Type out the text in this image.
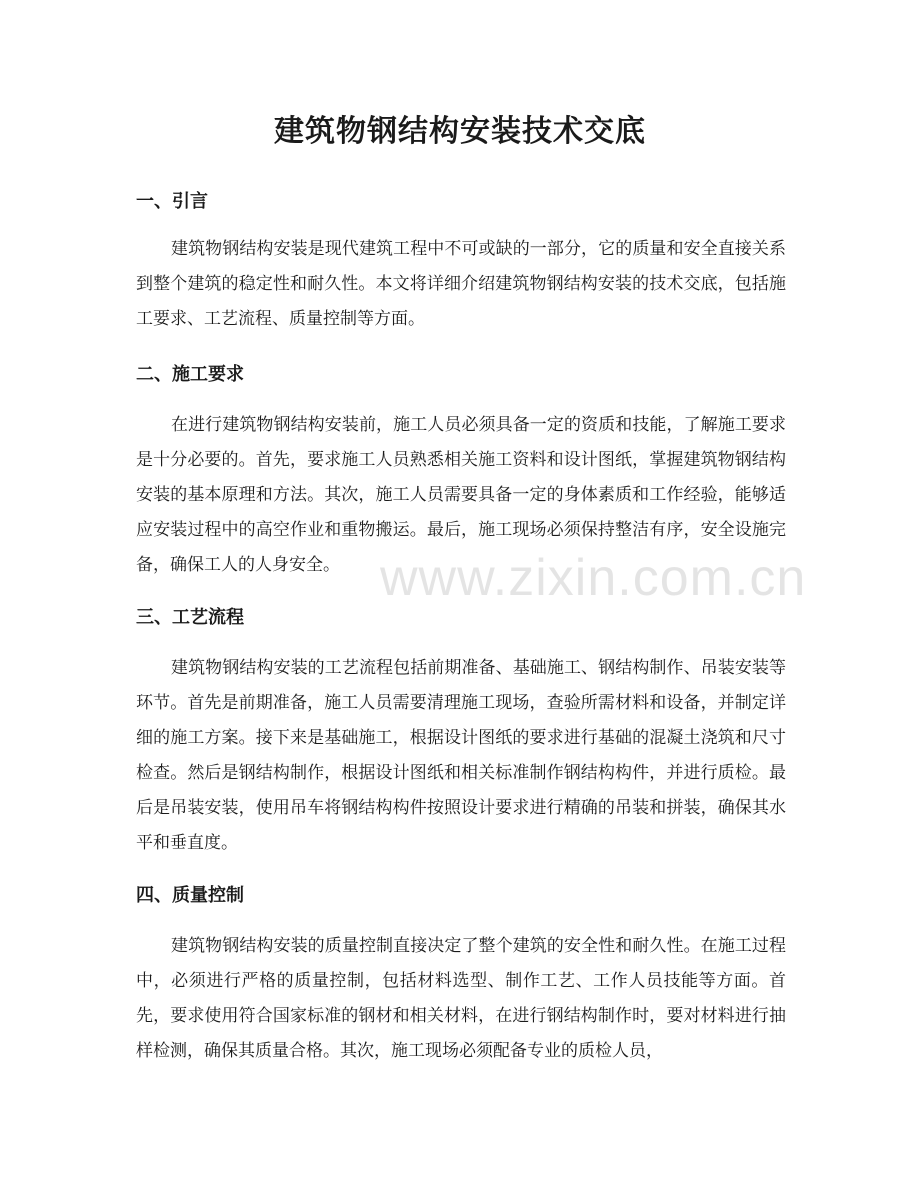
建筑物钢结构安装技术交底
一、引言

建筑物钢结构安装是现代建筑工程中不可或缺的一部分，它的质量和安全直接关系到整个建筑的稳定性和耐久性。本文将详细介绍建筑物钢结构安装的技术交底，包括施工要求、工艺流程、质量控制等方面。

二、施工要求

在进行建筑物钢结构安装前，施工人员必须具备一定的资质和技能，了解施工要求是十分必要的。首先，要求施工人员熟悉相关施工资料和设计图纸，掌握建筑物钢结构安装的基本原理和方法。其次，施工人员需要具备一定的身体素质和工作经验，能够适应安装过程中的高空作业和重物搬运。最后，施工现场必须保持整洁有序，安全设施完备，确保工人的人身安全。

三、工艺流程

建筑物钢结构安装的工艺流程包括前期准备、基础施工、钢结构制作、吊装安装等环节。首先是前期准备，施工人员需要清理施工现场，查验所需材料和设备，并制定详细的施工方案。接下来是基础施工，根据设计图纸的要求进行基础的混凝土浇筑和尺寸检查。然后是钢结构制作，根据设计图纸和相关标准制作钢结构构件，并进行质检。最后是吊装安装，使用吊车将钢结构构件按照设计要求进行精确的吊装和拼装，确保其水平和垂直度。

四、质量控制

建筑物钢结构安装的质量控制直接决定了整个建筑的安全性和耐久性。在施工过程中，必须进行严格的质量控制，包括材料选型、制作工艺、工作人员技能等方面。首先，要求使用符合国家标准的钢材和相关材料，在进行钢结构制作时，要对材料进行抽样检测，确保其质量合格。其次，施工现场必须配备专业的质检人员，

www.zixin.com.cn
